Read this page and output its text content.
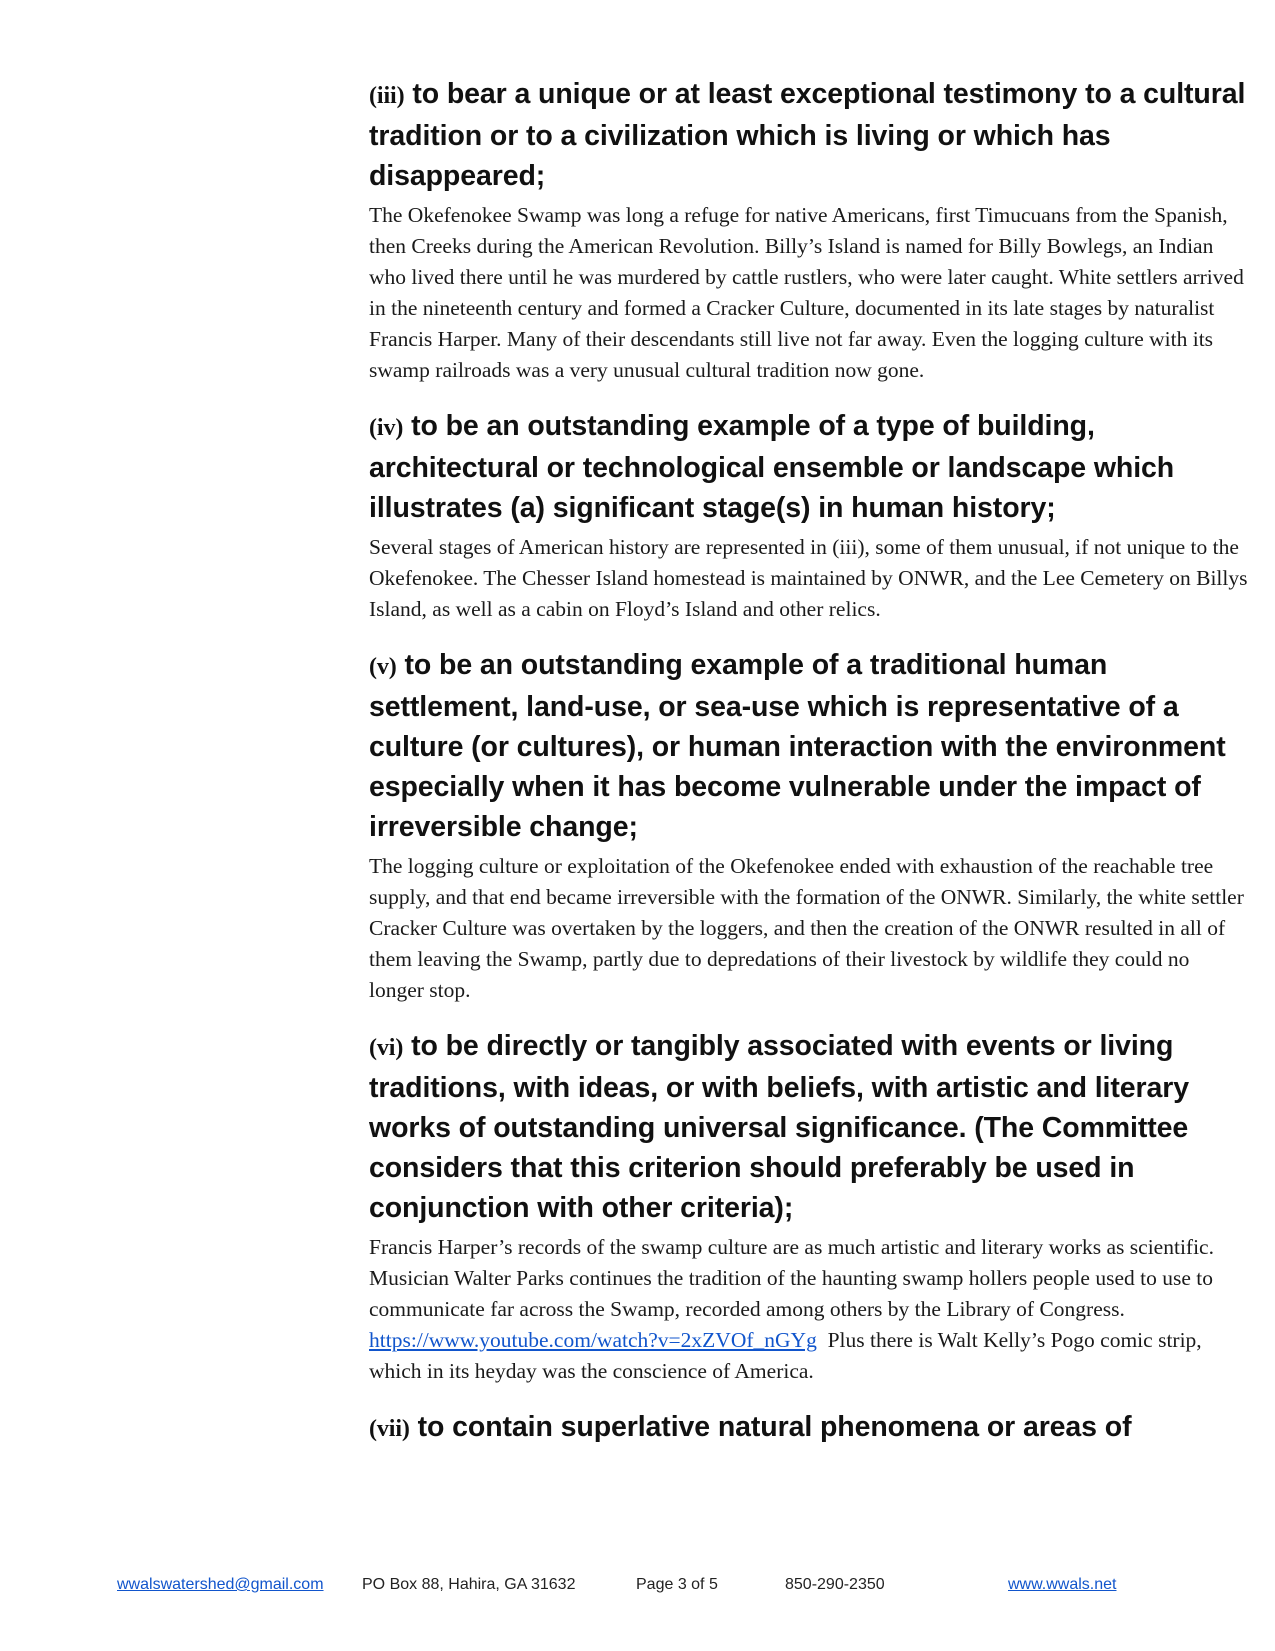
(iii) to bear a unique or at least exceptional testimony to a cultural tradition or to a civilization which is living or which has disappeared;

The Okefenokee Swamp was long a refuge for native Americans, first Timucuans from the Spanish, then Creeks during the American Revolution. Billy’s Island is named for Billy Bowlegs, an Indian who lived there until he was murdered by cattle rustlers, who were later caught. White settlers arrived in the nineteenth century and formed a Cracker Culture, documented in its late stages by naturalist Francis Harper. Many of their descendants still live not far away. Even the logging culture with its swamp railroads was a very unusual cultural tradition now gone.

(iv) to be an outstanding example of a type of building, architectural or technological ensemble or landscape which illustrates (a) significant stage(s) in human history;

Several stages of American history are represented in (iii), some of them unusual, if not unique to the Okefenokee. The Chesser Island homestead is maintained by ONWR, and the Lee Cemetery on Billys Island, as well as a cabin on Floyd’s Island and other relics.

(v) to be an outstanding example of a traditional human settlement, land-use, or sea-use which is representative of a culture (or cultures), or human interaction with the environment especially when it has become vulnerable under the impact of irreversible change;

The logging culture or exploitation of the Okefenokee ended with exhaustion of the reachable tree supply, and that end became irreversible with the formation of the ONWR. Similarly, the white settler Cracker Culture was overtaken by the loggers, and then the creation of the ONWR resulted in all of them leaving the Swamp, partly due to depredations of their livestock by wildlife they could no longer stop.

(vi) to be directly or tangibly associated with events or living traditions, with ideas, or with beliefs, with artistic and literary works of outstanding universal significance. (The Committee considers that this criterion should preferably be used in conjunction with other criteria);

Francis Harper’s records of the swamp culture are as much artistic and literary works as scientific. Musician Walter Parks continues the tradition of the haunting swamp hollers people used to use to communicate far across the Swamp, recorded among others by the Library of Congress. https://www.youtube.com/watch?v=2xZVOf_nGYg  Plus there is Walt Kelly’s Pogo comic strip, which in its heyday was the conscience of America.

(vii) to contain superlative natural phenomena or areas of

wwalswatershed@gmail.com PO Box 88, Hahira, GA 31632	Page 3 of 5	850-290-2350	www.wwals.net
